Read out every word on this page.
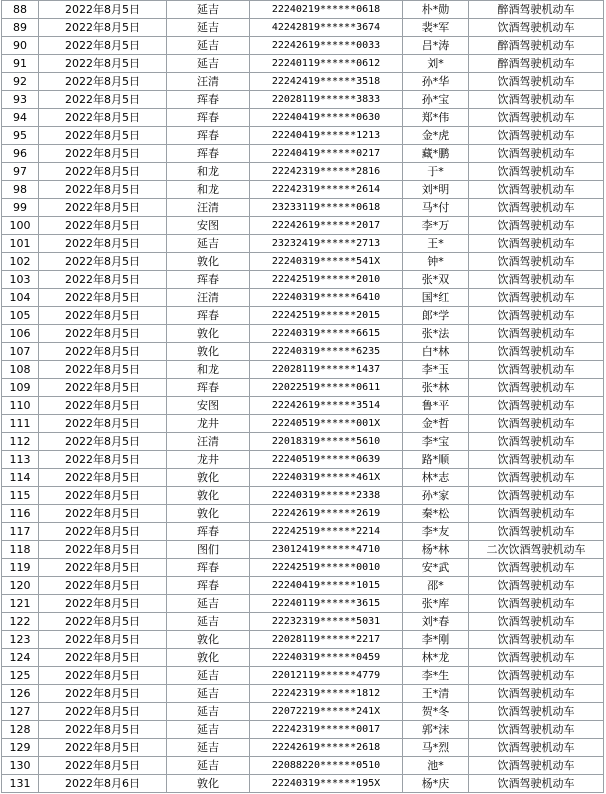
88	2022年8月5日	延吉	22240219******0618	朴*勋	醉酒驾驶机动车
89	2022年8月5日	延吉	42242819******3674	裴*军	饮酒驾驶机动车
90	2022年8月5日	延吉	22242619******0033	吕*涛	醉酒驾驶机动车
91	2022年8月5日	延吉	22240119******0612	刘*	醉酒驾驶机动车
92	2022年8月5日	汪清	22242419******3518	孙*华	饮酒驾驶机动车
93	2022年8月5日	珲春	22028119******3833	孙*宝	饮酒驾驶机动车
94	2022年8月5日	珲春	22240419******0630	郑*伟	饮酒驾驶机动车
95	2022年8月5日	珲春	22240419******1213	金*虎	饮酒驾驶机动车
96	2022年8月5日	珲春	22240419******0217	藏*鹏	饮酒驾驶机动车
97	2022年8月5日	和龙	22242319******2816	于*	饮酒驾驶机动车
98	2022年8月5日	和龙	22242319******2614	刘*明	饮酒驾驶机动车
99	2022年8月5日	汪清	23233119******0618	马*付	饮酒驾驶机动车
100	2022年8月5日	安图	22242619******2017	李*万	饮酒驾驶机动车
101	2022年8月5日	延吉	23232419******2713	王*	饮酒驾驶机动车
102	2022年8月5日	敦化	22240319******541X	钟*	饮酒驾驶机动车
103	2022年8月5日	珲春	22242519******2010	张*双	饮酒驾驶机动车
104	2022年8月5日	汪清	22240319******6410	国*红	饮酒驾驶机动车
105	2022年8月5日	珲春	22242519******2015	郎*学	饮酒驾驶机动车
106	2022年8月5日	敦化	22240319******6615	张*法	饮酒驾驶机动车
107	2022年8月5日	敦化	22240319******6235	白*林	饮酒驾驶机动车
108	2022年8月5日	和龙	22028119******1437	李*玉	饮酒驾驶机动车
109	2022年8月5日	珲春	22022519******0611	张*林	饮酒驾驶机动车
110	2022年8月5日	安图	22242619******3514	鲁*平	饮酒驾驶机动车
111	2022年8月5日	龙井	22240519******001X	金*哲	饮酒驾驶机动车
112	2022年8月5日	汪清	22018319******5610	李*宝	饮酒驾驶机动车
113	2022年8月5日	龙井	22240519******0639	路*顺	饮酒驾驶机动车
114	2022年8月5日	敦化	22240319******461X	林*志	饮酒驾驶机动车
115	2022年8月5日	敦化	22240319******2338	孙*家	饮酒驾驶机动车
116	2022年8月5日	敦化	22242619******2619	秦*松	饮酒驾驶机动车
117	2022年8月5日	珲春	22242519******2214	李*友	饮酒驾驶机动车
118	2022年8月5日	图们	23012419******4710	杨*林	二次饮酒驾驶机动车
119	2022年8月5日	珲春	22242519******0010	安*武	饮酒驾驶机动车
120	2022年8月5日	珲春	22240419******1015	邵*	饮酒驾驶机动车
121	2022年8月5日	延吉	22240119******3615	张*库	饮酒驾驶机动车
122	2022年8月5日	延吉	22232319******5031	刘*春	饮酒驾驶机动车
123	2022年8月5日	敦化	22028119******2217	李*刚	饮酒驾驶机动车
124	2022年8月5日	敦化	22240319******0459	林*龙	饮酒驾驶机动车
125	2022年8月5日	延吉	22012119******4779	李*生	饮酒驾驶机动车
126	2022年8月5日	延吉	22242319******1812	王*清	饮酒驾驶机动车
127	2022年8月5日	延吉	22072219******241X	贺*冬	饮酒驾驶机动车
128	2022年8月5日	延吉	22242319******0017	郭*沫	饮酒驾驶机动车
129	2022年8月5日	延吉	22242619******2618	马*烈	饮酒驾驶机动车
130	2022年8月5日	延吉	22088220******0510	池*	饮酒驾驶机动车
131	2022年8月6日	敦化	22240319******195X	杨*庆	饮酒驾驶机动车
